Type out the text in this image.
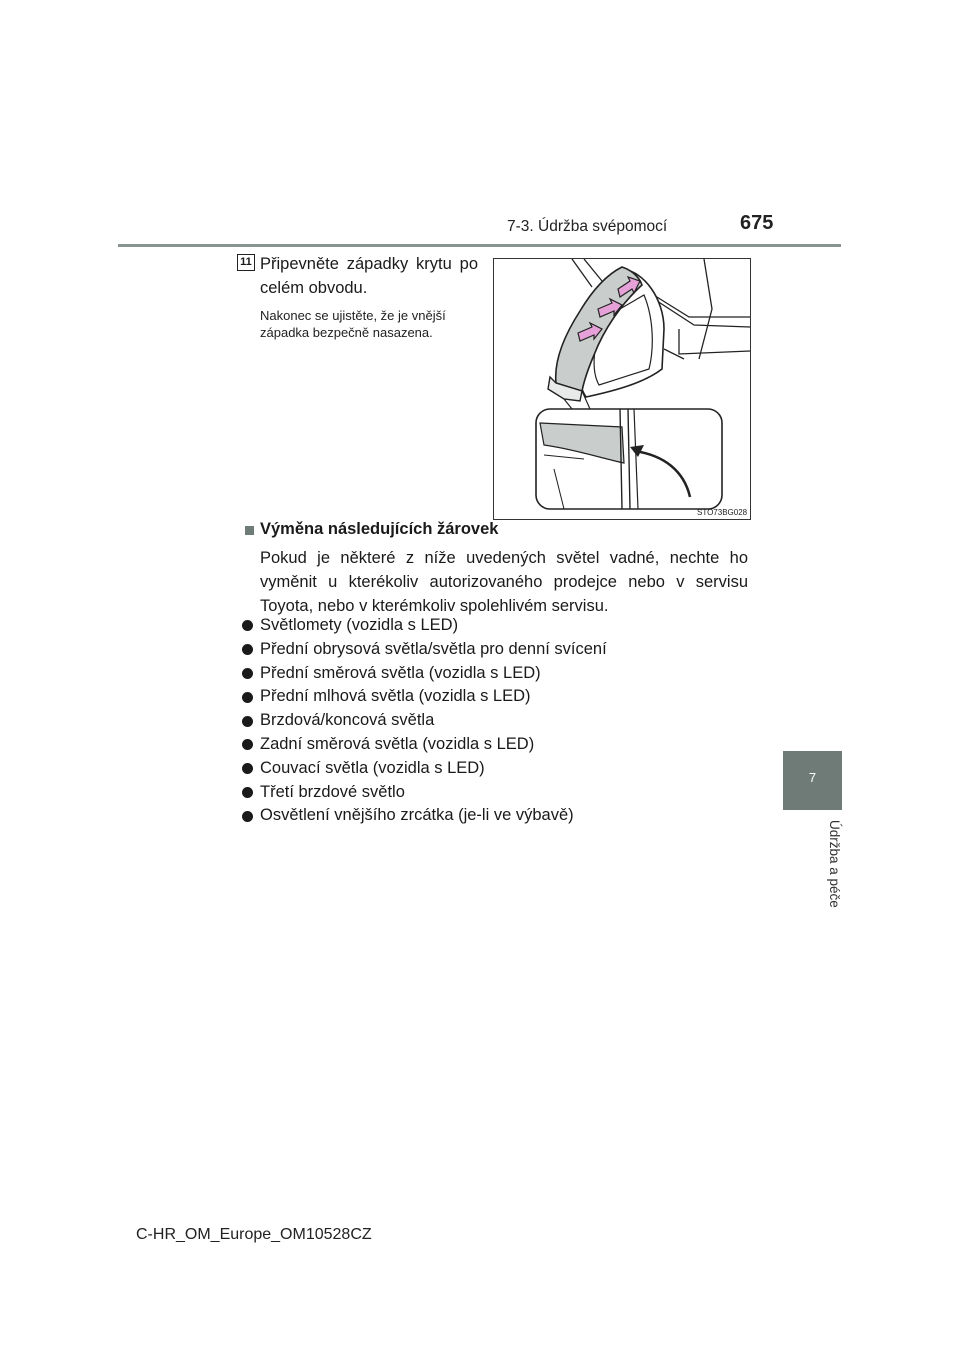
7-3. Údržba svépomocí	675
7
Údržba a péče
11 Připevněte západky krytu po celém obvodu.
Nakonec se ujistěte, že je vnější západka bezpečně nasazena.
STO73BG028
Výměna následujících žárovek
Pokud je některé z níže uvedených světel vadné, nechte ho vyměnit u kterékoliv autorizovaného prodejce nebo v servisu Toyota, nebo v kterémkoliv spolehlivém servisu.
Světlomety (vozidla s LED)
Přední obrysová světla/světla pro denní svícení
Přední směrová světla (vozidla s LED)
Přední mlhová světla (vozidla s LED)
Brzdová/koncová světla
Zadní směrová světla (vozidla s LED)
Couvací světla (vozidla s LED)
Třetí brzdové světlo
Osvětlení vnějšího zrcátka (je-li ve výbavě)
C-HR_OM_Europe_OM10528CZ
